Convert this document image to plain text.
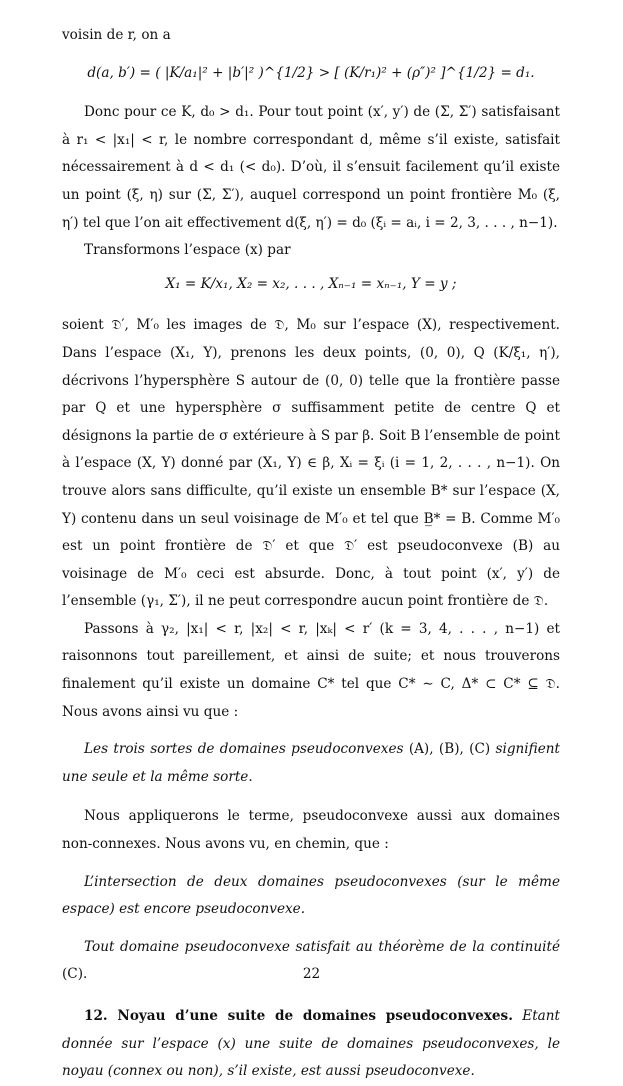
voisin de r, on a

d(a, b′) = ( |K/a₁|² + |b′|² )^{1/2} > [ (K/r₁)² + (ρ″)² ]^{1/2} = d₁.

Donc pour ce K, d₀ > d₁. Pour tout point (x′, y′) de (Σ, Σ′) satisfaisant à r₁ < |x₁| < r, le nombre correspondant d, même s’il existe, satisfait nécessairement à d < d₁ (< d₀). D’où, il s’ensuit facilement qu’il existe un point (ξ, η) sur (Σ, Σ′), auquel correspond un point frontière M₀ (ξ, η′) tel que l’on ait effectivement d(ξ, η′) = d₀ (ξᵢ = aᵢ, i = 2, 3, . . . , n−1).

Transformons l’espace (x) par

X₁ = K/x₁, X₂ = x₂, . . . , Xₙ₋₁ = xₙ₋₁, Y = y ;

soient 𝔇′, M′₀ les images de 𝔇, M₀ sur l’espace (X), respectivement. Dans l’espace (X₁, Y), prenons les deux points, (0, 0), Q (K/ξ₁, η′), décrivons l’hypersphère S autour de (0, 0) telle que la frontière passe par Q et une hypersphère σ suffisamment petite de centre Q et désignons la partie de σ extérieure à S par β. Soit B l’ensemble de point à l’espace (X, Y) donné par (X₁, Y) ∈ β, Xᵢ = ξᵢ (i = 1, 2, . . . , n−1). On trouve alors sans difficulte, qu’il existe un ensemble B* sur l’espace (X, Y) contenu dans un seul voisinage de M′₀ et tel que B̲* = B. Comme M′₀ est un point frontière de 𝔇′ et que 𝔇′ est pseudoconvexe (B) au voisinage de M′₀ ceci est absurde. Donc, à tout point (x′, y′) de l’ensemble (γ₁, Σ′), il ne peut correspondre aucun point frontière de 𝔇.

Passons à γ₂, |x₁| < r, |x₂| < r, |xₖ| < r′ (k = 3, 4, . . . , n−1) et raisonnons tout pareillement, et ainsi de suite; et nous trouverons finalement qu’il existe un domaine C* tel que C* ∼ C, Δ* ⊂ C* ⊆ 𝔇. Nous avons ainsi vu que :

Les trois sortes de domaines pseudoconvexes (A), (B), (C) signifient une seule et la même sorte.

Nous appliquerons le terme, pseudoconvexe aussi aux domaines non-connexes. Nous avons vu, en chemin, que :

L’intersection de deux domaines pseudoconvexes (sur le même espace) est encore pseudoconvexe.

Tout domaine pseudoconvexe satisfait au théorème de la continuité (C).

12. Noyau d’une suite de domaines pseudoconvexes. Etant donnée sur l’espace (x) une suite de domaines pseudoconvexes, le noyau (connex ou non), s’il existe, est aussi pseudoconvexe.

22
